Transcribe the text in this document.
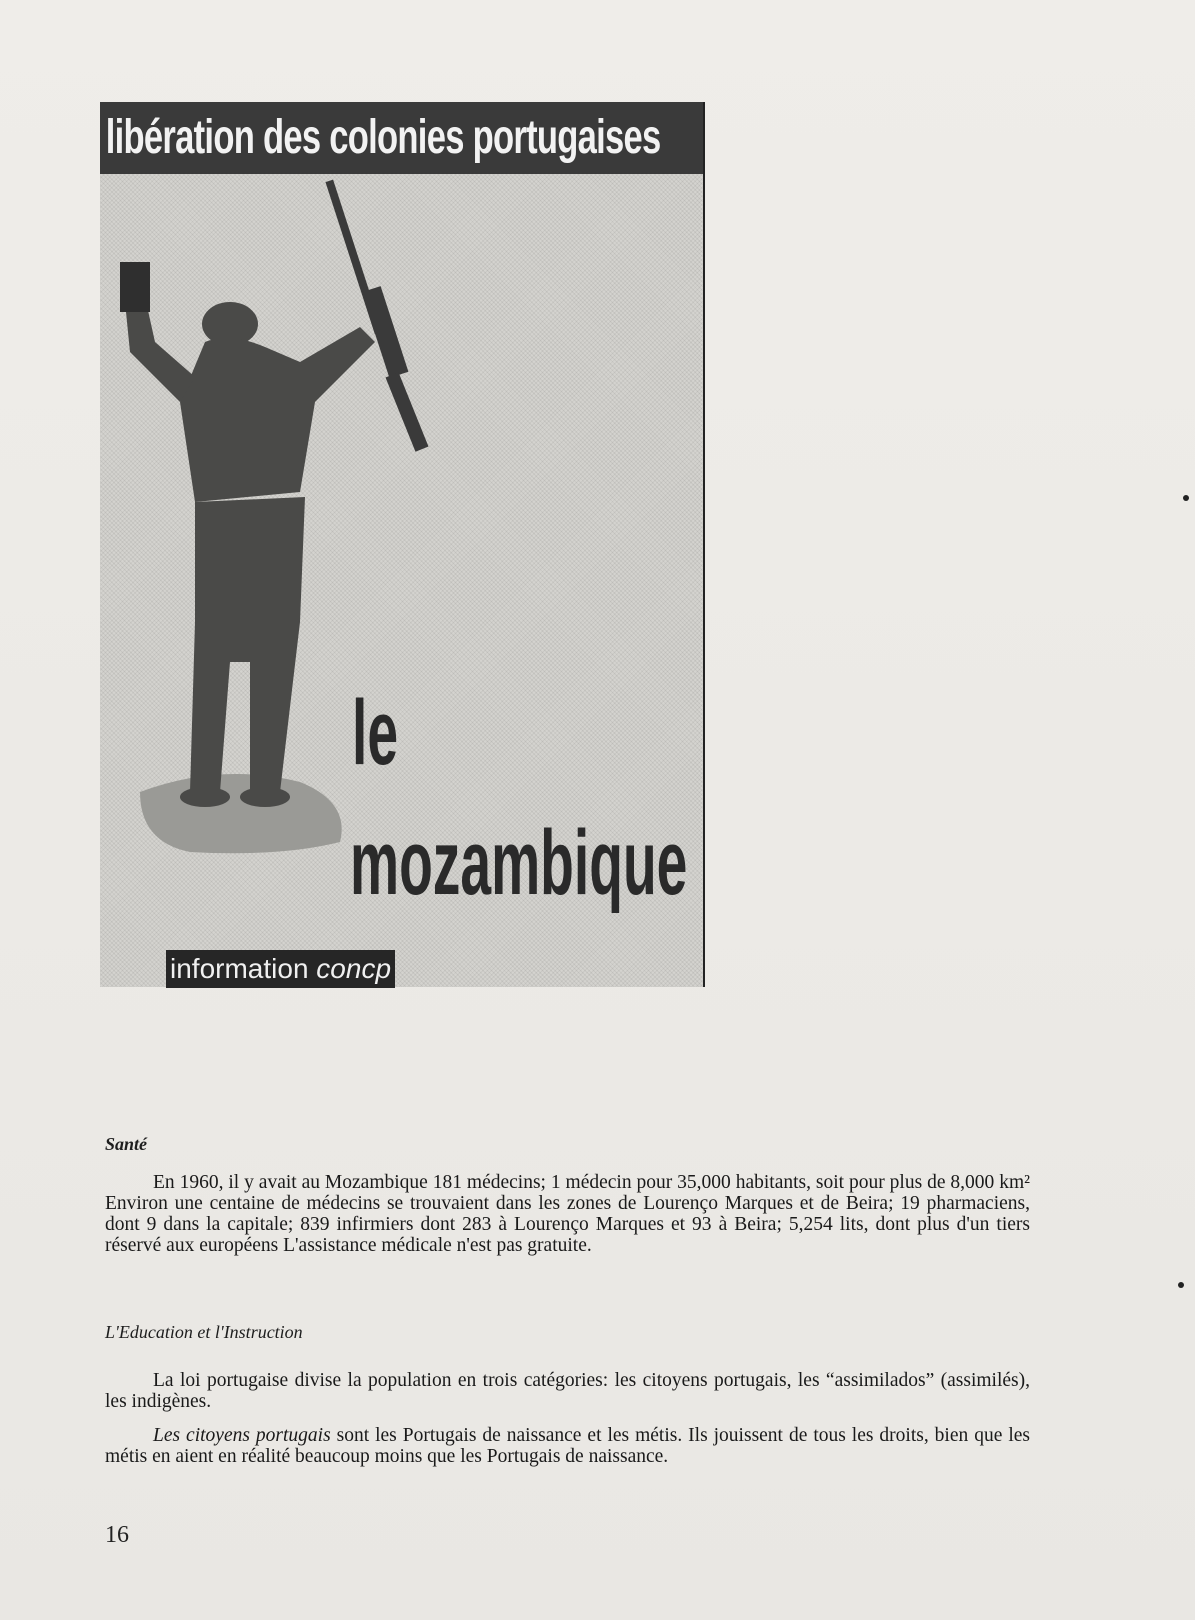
libération des colonies portugaises
le
mozambique
information concp
Santé
En 1960, il y avait au Mozambique 181 médecins; 1 médecin pour 35,000 habitants, soit pour plus de 8,000 km² Environ une centaine de médecins se trouvaient dans les zones de Lourenço Marques et de Beira; 19 pharmaciens, dont 9 dans la capitale; 839 infirmiers dont 283 à Lourenço Marques et 93 à Beira; 5,254 lits, dont plus d'un tiers réservé aux européens L'assistance médicale n'est pas gratuite.
L'Education et l'Instruction
La loi portugaise divise la population en trois catégories: les citoyens portugais, les “assimilados” (assimilés), les indigènes.
Les citoyens portugais sont les Portugais de naissance et les métis. Ils jouissent de tous les droits, bien que les métis en aient en réalité beaucoup moins que les Portugais de naissance.
16
